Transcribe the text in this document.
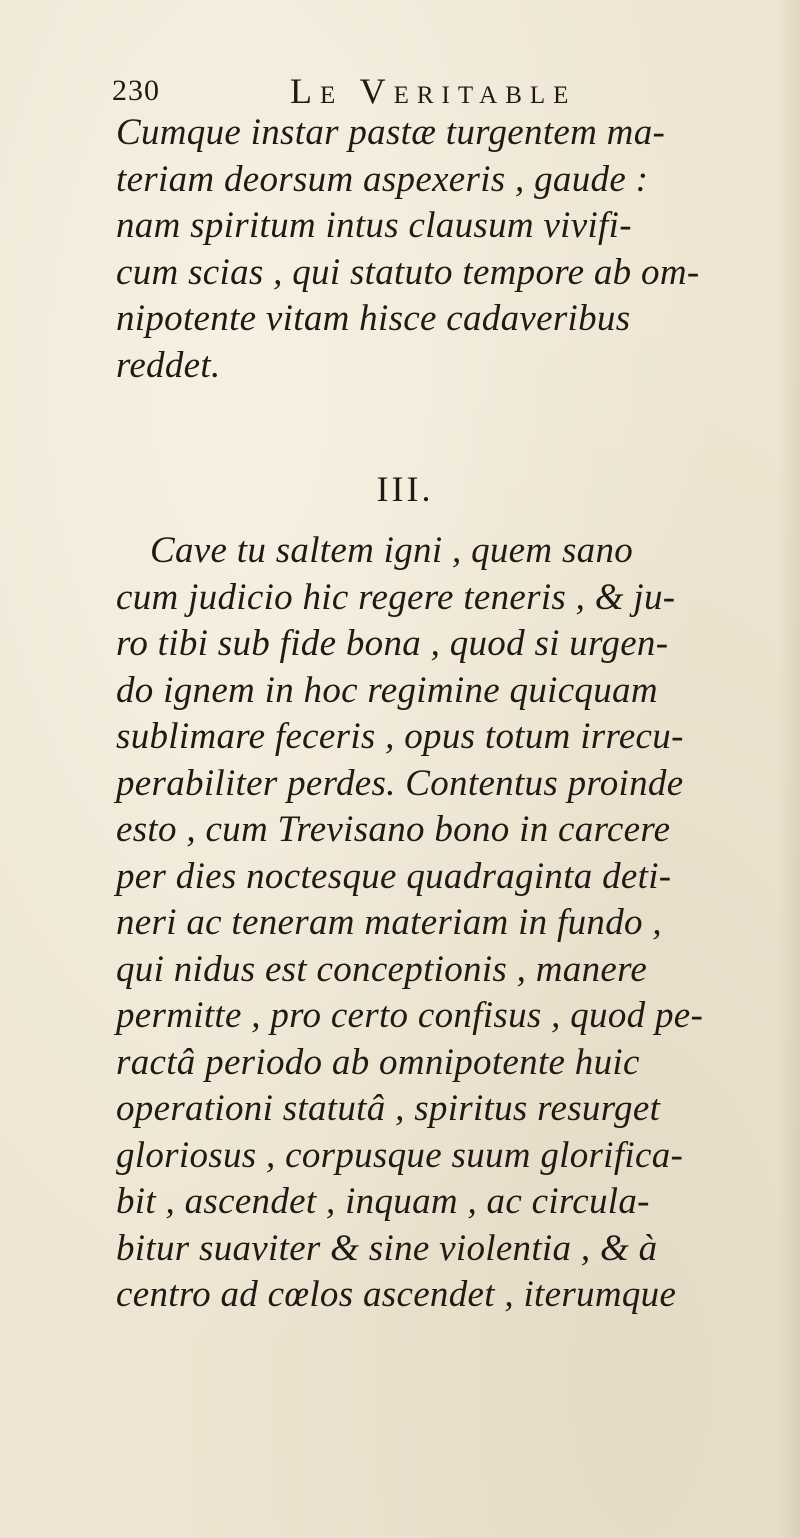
230	Le Veritable
Cumque instar pastæ turgentem ma-
teriam deorsum aspexeris , gaude :
nam spiritum intus clausum vivifi-
cum scias , qui statuto tempore ab om-
nipotente vitam hisce cadaveribus
reddet.
III.
Cave tu saltem igni , quem sano
cum judicio hic regere teneris , & ju-
ro tibi sub fide bona , quod si urgen-
do ignem in hoc regimine quicquam
sublimare feceris , opus totum irrecu-
perabiliter perdes. Contentus proinde
esto , cum Trevisano bono in carcere
per dies noctesque quadraginta deti-
neri ac teneram materiam in fundo ,
qui nidus est conceptionis , manere
permitte , pro certo confisus , quod pe-
ractâ periodo ab omnipotente huic
operationi statutâ , spiritus resurget
gloriosus , corpusque suum glorifica-
bit , ascendet , inquam , ac circula-
bitur suaviter & sine violentia , & à
centro ad cœlos ascendet , iterumque
